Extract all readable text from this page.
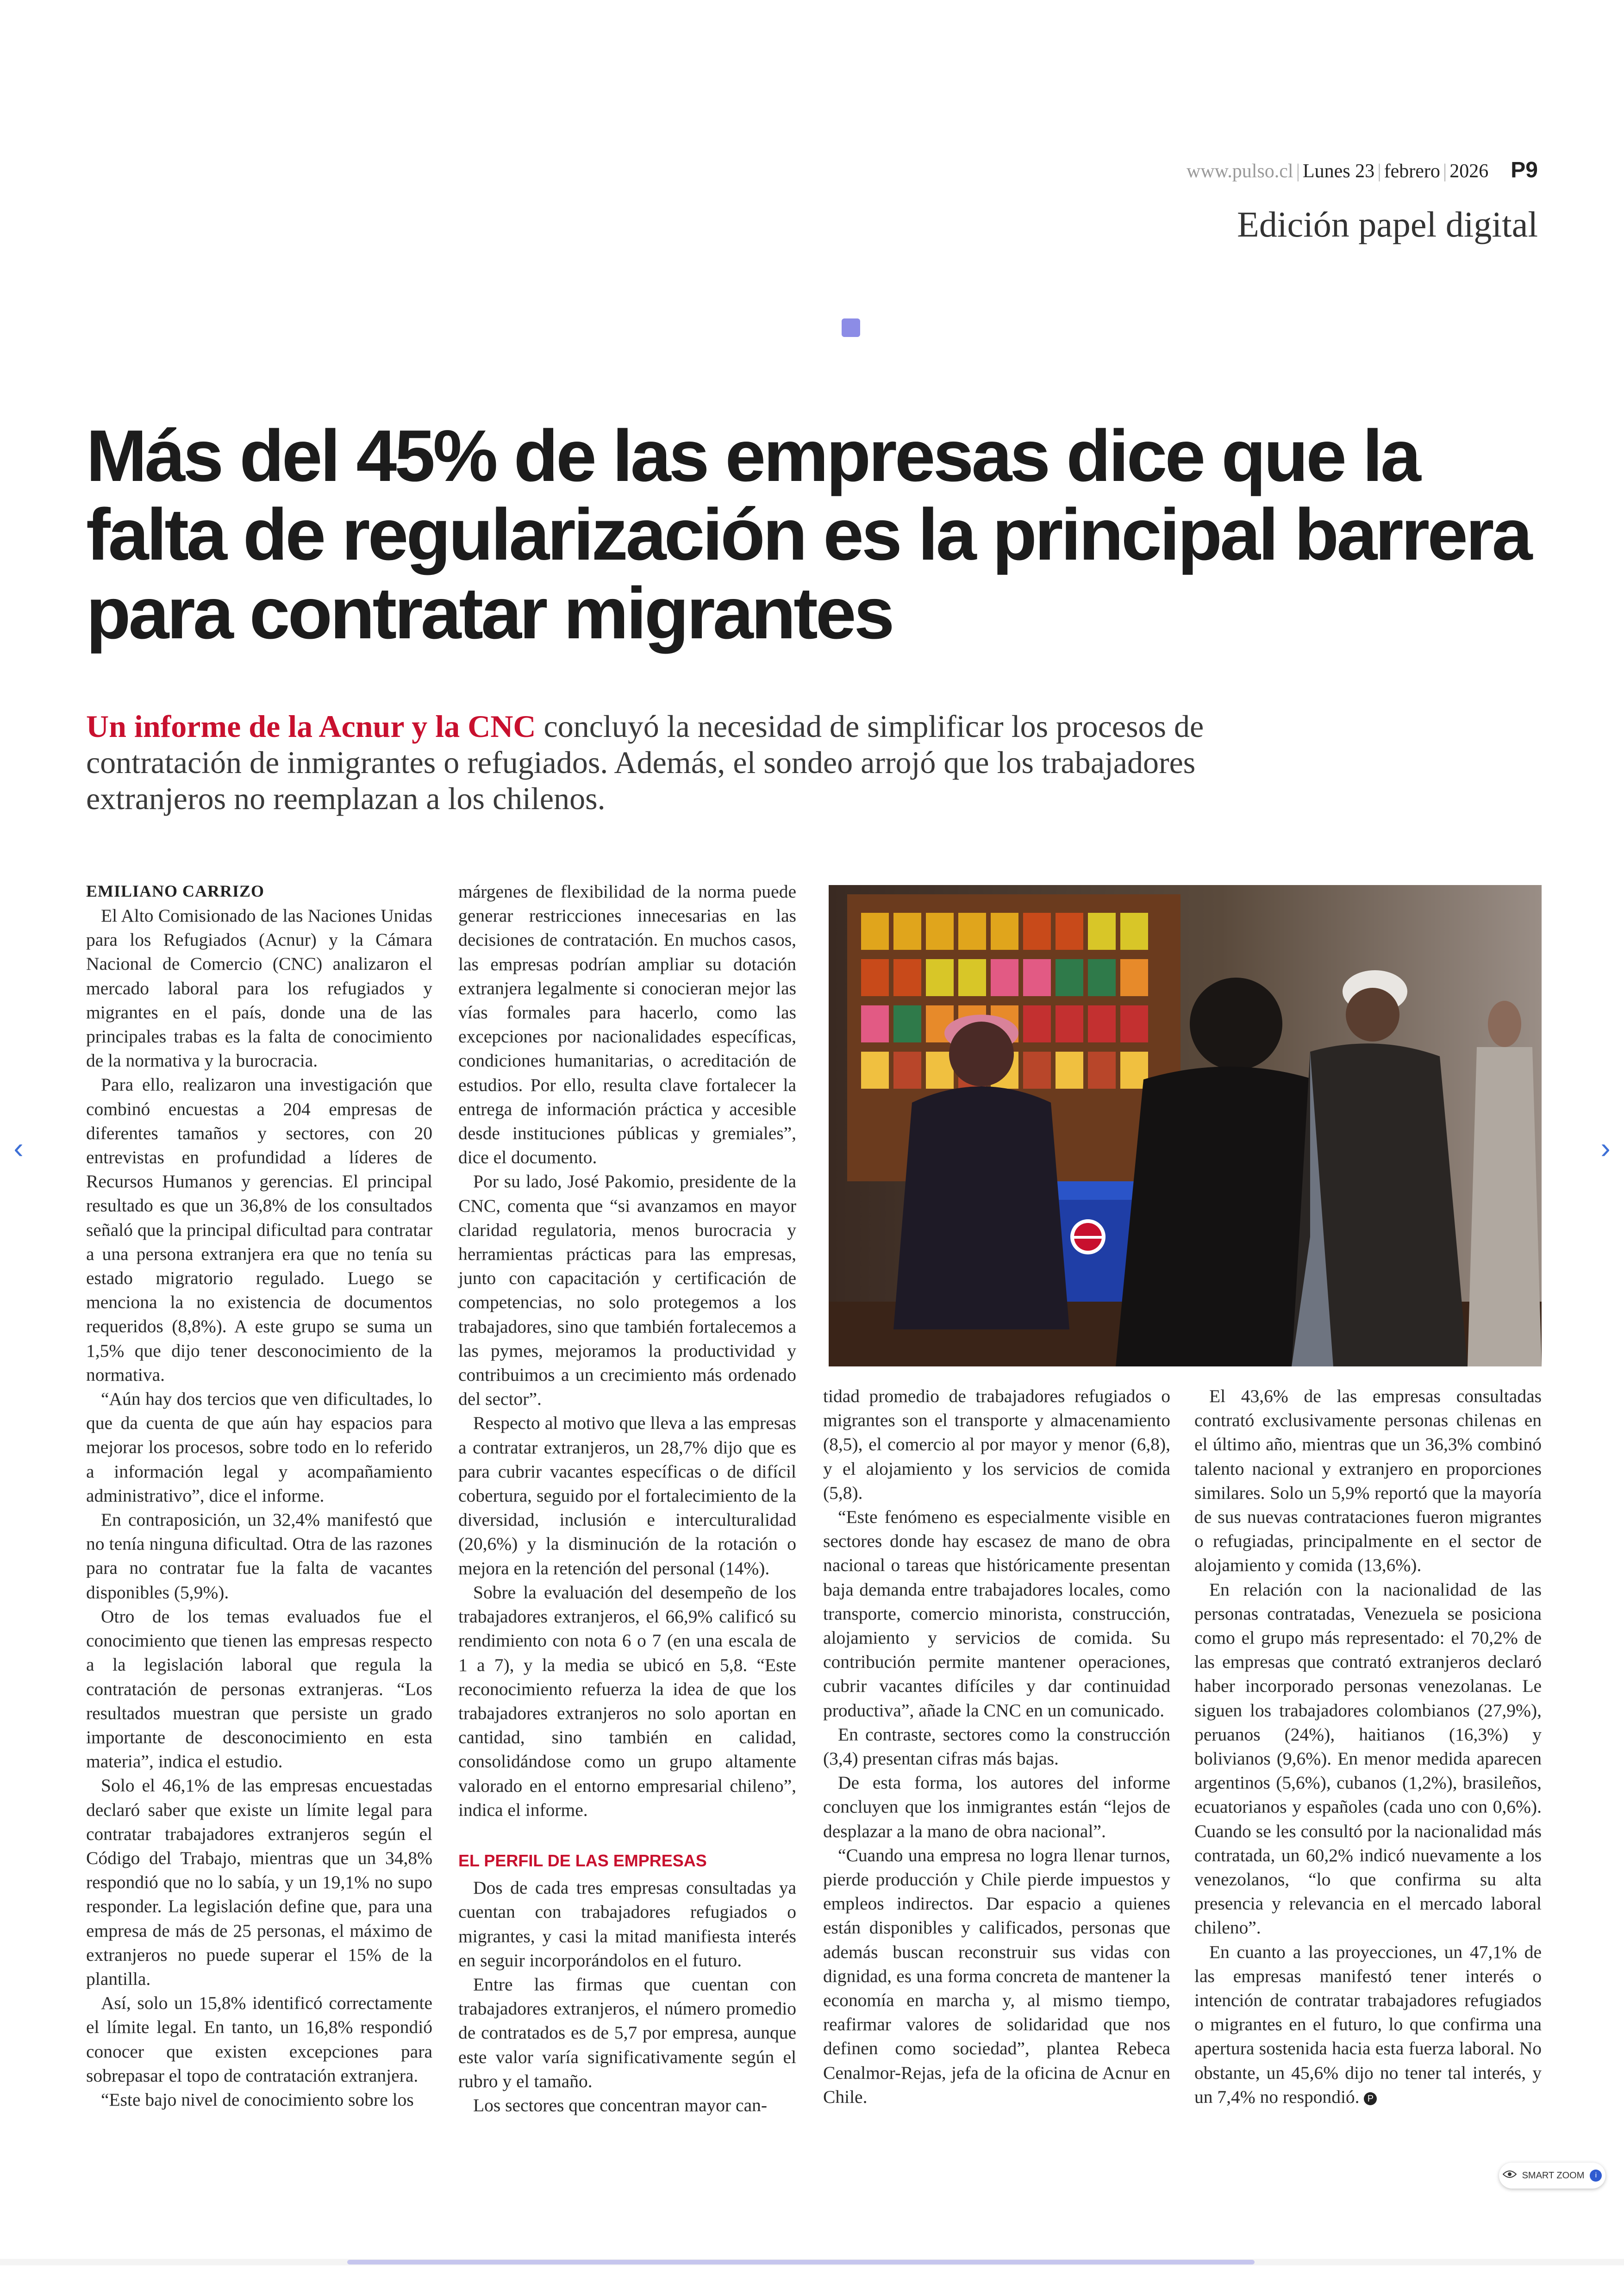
www.pulso.cl | Lunes 23 | febrero | 2026 P9
Edición papel digital
Más del 45% de las empresas dice que la falta de regularización es la principal barrera para contratar migrantes

Un informe de la Acnur y la CNC concluyó la necesidad de simplificar los procesos de contratación de inmigrantes o refugiados. Además, el sondeo arrojó que los trabajadores extranjeros no reemplazan a los chilenos.

EMILIANO CARRIZO

El Alto Comisionado de las Naciones Unidas para los Refugiados (Acnur) y la Cámara Nacional de Comercio (CNC) analizaron el mercado laboral para los refugiados y migrantes en el país, donde una de las principales trabas es la falta de conocimiento de la normativa y la burocracia.

Para ello, realizaron una investigación que combinó encuestas a 204 empresas de diferentes tamaños y sectores, con 20 entrevistas en profundidad a líderes de Recursos Humanos y gerencias. El principal resultado es que un 36,8% de los consultados señaló que la principal dificultad para contratar a una persona extranjera era que no tenía su estado migratorio regulado. Luego se menciona la no existencia de documentos requeridos (8,8%). A este grupo se suma un 1,5% que dijo tener desconocimiento de la normativa.

“Aún hay dos tercios que ven dificultades, lo que da cuenta de que aún hay espacios para mejorar los procesos, sobre todo en lo referido a información legal y acompañamiento administrativo”, dice el informe.

En contraposición, un 32,4% manifestó que no tenía ninguna dificultad. Otra de las razones para no contratar fue la falta de vacantes disponibles (5,9%).

Otro de los temas evaluados fue el conocimiento que tienen las empresas respecto a la legislación laboral que regula la contratación de personas extranjeras. “Los resultados muestran que persiste un grado importante de desconocimiento en esta materia”, indica el estudio.

Solo el 46,1% de las empresas encuestadas declaró saber que existe un límite legal para contratar trabajadores extranjeros según el Código del Trabajo, mientras que un 34,8% respondió que no lo sabía, y un 19,1% no supo responder. La legislación define que, para una empresa de más de 25 personas, el máximo de extranjeros no puede superar el 15% de la plantilla.

Así, solo un 15,8% identificó correctamente el límite legal. En tanto, un 16,8% respondió conocer que existen excepciones para sobrepasar el topo de contratación extranjera.

“Este bajo nivel de conocimiento sobre los

márgenes de flexibilidad de la norma puede generar restricciones innecesarias en las decisiones de contratación. En muchos casos, las empresas podrían ampliar su dotación extranjera legalmente si conocieran mejor las vías formales para hacerlo, como las excepciones por nacionalidades específicas, condiciones humanitarias, o acreditación de estudios. Por ello, resulta clave fortalecer la entrega de información práctica y accesible desde instituciones públicas y gremiales”, dice el documento.

Por su lado, José Pakomio, presidente de la CNC, comenta que “si avanzamos en mayor claridad regulatoria, menos burocracia y herramientas prácticas para las empresas, junto con capacitación y certificación de competencias, no solo protegemos a los trabajadores, sino que también fortalecemos a las pymes, mejoramos la productividad y contribuimos a un crecimiento más ordenado del sector”.

Respecto al motivo que lleva a las empresas a contratar extranjeros, un 28,7% dijo que es para cubrir vacantes específicas o de difícil cobertura, seguido por el fortalecimiento de la diversidad, inclusión e interculturalidad (20,6%) y la disminución de la rotación o mejora en la retención del personal (14%).

Sobre la evaluación del desempeño de los trabajadores extranjeros, el 66,9% calificó su rendimiento con nota 6 o 7 (en una escala de 1 a 7), y la media se ubicó en 5,8. “Este reconocimiento refuerza la idea de que los trabajadores extranjeros no solo aportan en cantidad, sino también en calidad, consolidándose como un grupo altamente valorado en el entorno empresarial chileno”, indica el informe.

EL PERFIL DE LAS EMPRESAS

Dos de cada tres empresas consultadas ya cuentan con trabajadores refugiados o migrantes, y casi la mitad manifiesta interés en seguir incorporándolos en el futuro.

Entre las firmas que cuentan con trabajadores extranjeros, el número promedio de contratados es de 5,7 por empresa, aunque este valor varía significativamente según el rubro y el tamaño.

Los sectores que concentran mayor can-

tidad promedio de trabajadores refugiados o migrantes son el transporte y almacenamiento (8,5), el comercio al por mayor y menor (6,8), y el alojamiento y los servicios de comida (5,8).

“Este fenómeno es especialmente visible en sectores donde hay escasez de mano de obra nacional o tareas que históricamente presentan baja demanda entre trabajadores locales, como transporte, comercio minorista, construcción, alojamiento y servicios de comida. Su contribución permite mantener operaciones, cubrir vacantes difíciles y dar continuidad productiva”, añade la CNC en un comunicado.

En contraste, sectores como la construcción (3,4) presentan cifras más bajas.

De esta forma, los autores del informe concluyen que los inmigrantes están “lejos de desplazar a la mano de obra nacional”.

“Cuando una empresa no logra llenar turnos, pierde producción y Chile pierde impuestos y empleos indirectos. Dar espacio a quienes están disponibles y calificados, personas que además buscan reconstruir sus vidas con dignidad, es una forma concreta de mantener la economía en marcha y, al mismo tiempo, reafirmar valores de solidaridad que nos definen como sociedad”, plantea Rebeca Cenalmor-Rejas, jefa de la oficina de Acnur en Chile.

El 43,6% de las empresas consultadas contrató exclusivamente personas chilenas en el último año, mientras que un 36,3% combinó talento nacional y extranjero en proporciones similares. Solo un 5,9% reportó que la mayoría de sus nuevas contrataciones fueron migrantes o refugiadas, principalmente en el sector de alojamiento y comida (13,6%).

En relación con la nacionalidad de las personas contratadas, Venezuela se posiciona como el grupo más representado: el 70,2% de las empresas que contrató extranjeros declaró haber incorporado personas venezolanas. Le siguen los trabajadores colombianos (27,9%), peruanos (24%), haitianos (16,3%) y bolivianos (9,6%). En menor medida aparecen argentinos (5,6%), cubanos (1,2%), brasileños, ecuatorianos y españoles (cada uno con 0,6%). Cuando se les consultó por la nacionalidad más contratada, un 60,2% indicó nuevamente a los venezolanos, “lo que confirma su alta presencia y relevancia en el mercado laboral chileno”.

En cuanto a las proyecciones, un 47,1% de las empresas manifestó tener interés o intención de contratar trabajadores refugiados o migrantes en el futuro, lo que confirma una apertura sostenida hacia esta fuerza laboral. No obstante, un 45,6% dijo no tener tal interés, y un 7,4% no respondió. P

‹	›
SMART ZOOM	i
